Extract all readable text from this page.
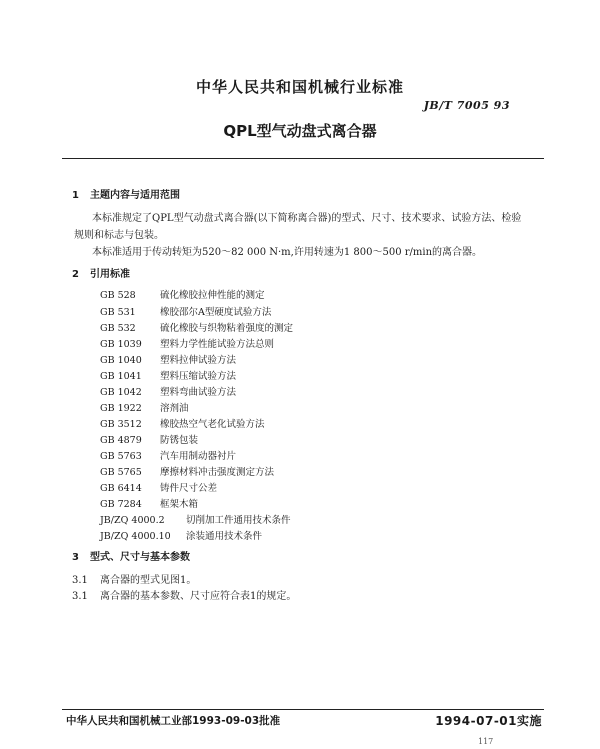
中华人民共和国机械行业标准
JB/T 7005 93
QPL型气动盘式离合器
1 主题内容与适用范围
本标准规定了QPL型气动盘式离合器(以下简称离合器)的型式、尺寸、技术要求、试验方法、检验
规则和标志与包装。
本标准适用于传动转矩为520～82 000 N·m,许用转速为1 800～500 r/min的离合器。
2 引用标准
GB 528	硫化橡胶拉伸性能的测定
GB 531	橡胶邵尔A型硬度试验方法
GB 532	硫化橡胶与织物粘着强度的测定
GB 1039 塑料力学性能试验方法总则
GB 1040 塑料拉伸试验方法
GB 1041 塑料压缩试验方法
GB 1042 塑料弯曲试验方法
GB 1922 溶剂油
GB 3512 橡胶热空气老化试验方法
GB 4879 防锈包装
GB 5763 汽车用制动器衬片
GB 5765 摩擦材料冲击强度测定方法
GB 6414 铸件尺寸公差
GB 7284 框架木箱
JB/ZQ 4000.2 切削加工件通用技术条件
JB/ZQ 4000.10 涂装通用技术条件
3 型式、尺寸与基本参数
3.1 离合器的型式见图1。
3.1 离合器的基本参数、尺寸应符合表1的规定。
中华人民共和国机械工业部1993-09-03批准	1994-07-01实施
117
